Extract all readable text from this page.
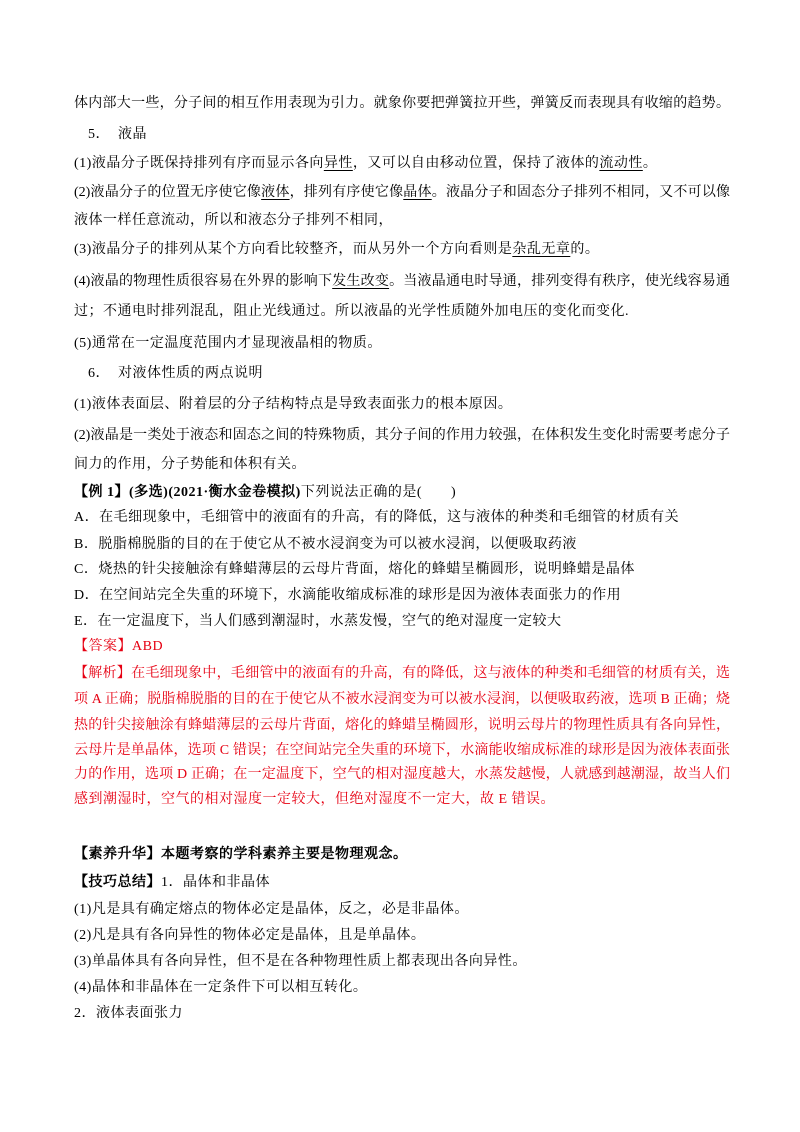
体内部大一些，分子间的相互作用表现为引力。就象你要把弹簧拉开些，弹簧反而表现具有收缩的趋势。
5．  液晶
(1)液晶分子既保持排列有序而显示各向异性，又可以自由移动位置，保持了液体的流动性。
(2)液晶分子的位置无序使它像液体，排列有序使它像晶体。液晶分子和固态分子排列不相同，又不可以像
液体一样任意流动，所以和液态分子排列不相同，
(3)液晶分子的排列从某个方向看比较整齐，而从另外一个方向看则是杂乱无章的。
(4)液晶的物理性质很容易在外界的影响下发生改变。当液晶通电时导通，排列变得有秩序，使光线容易通
过；不通电时排列混乱，阻止光线通过。所以液晶的光学性质随外加电压的变化而变化.
(5)通常在一定温度范围内才显现液晶相的物质。
6．  对液体性质的两点说明
(1)液体表面层、附着层的分子结构特点是导致表面张力的根本原因。
(2)液晶是一类处于液态和固态之间的特殊物质，其分子间的作用力较强，在体积发生变化时需要考虑分子
间力的作用，分子势能和体积有关。
【例 1】(多选)(2021·衡水金卷模拟)下列说法正确的是(　　)
A．在毛细现象中，毛细管中的液面有的升高，有的降低，这与液体的种类和毛细管的材质有关
B．脱脂棉脱脂的目的在于使它从不被水浸润变为可以被水浸润，以便吸取药液
C．烧热的针尖接触涂有蜂蜡薄层的云母片背面，熔化的蜂蜡呈椭圆形，说明蜂蜡是晶体
D．在空间站完全失重的环境下，水滴能收缩成标准的球形是因为液体表面张力的作用
E．在一定温度下，当人们感到潮湿时，水蒸发慢，空气的绝对湿度一定较大
【答案】ABD
【解析】在毛细现象中，毛细管中的液面有的升高，有的降低，这与液体的种类和毛细管的材质有关，选
项 A 正确；脱脂棉脱脂的目的在于使它从不被水浸润变为可以被水浸润，以便吸取药液，选项 B 正确；烧
热的针尖接触涂有蜂蜡薄层的云母片背面，熔化的蜂蜡呈椭圆形，说明云母片的物理性质具有各向异性，
云母片是单晶体，选项 C 错误；在空间站完全失重的环境下，水滴能收缩成标准的球形是因为液体表面张
力的作用，选项 D 正确；在一定温度下，空气的相对湿度越大，水蒸发越慢，人就感到越潮湿，故当人们
感到潮湿时，空气的相对湿度一定较大，但绝对湿度不一定大，故 E 错误。
【素养升华】本题考察的学科素养主要是物理观念。
【技巧总结】1．晶体和非晶体
(1)凡是具有确定熔点的物体必定是晶体，反之，必是非晶体。
(2)凡是具有各向异性的物体必定是晶体，且是单晶体。
(3)单晶体具有各向异性，但不是在各种物理性质上都表现出各向异性。
(4)晶体和非晶体在一定条件下可以相互转化。
2．液体表面张力
